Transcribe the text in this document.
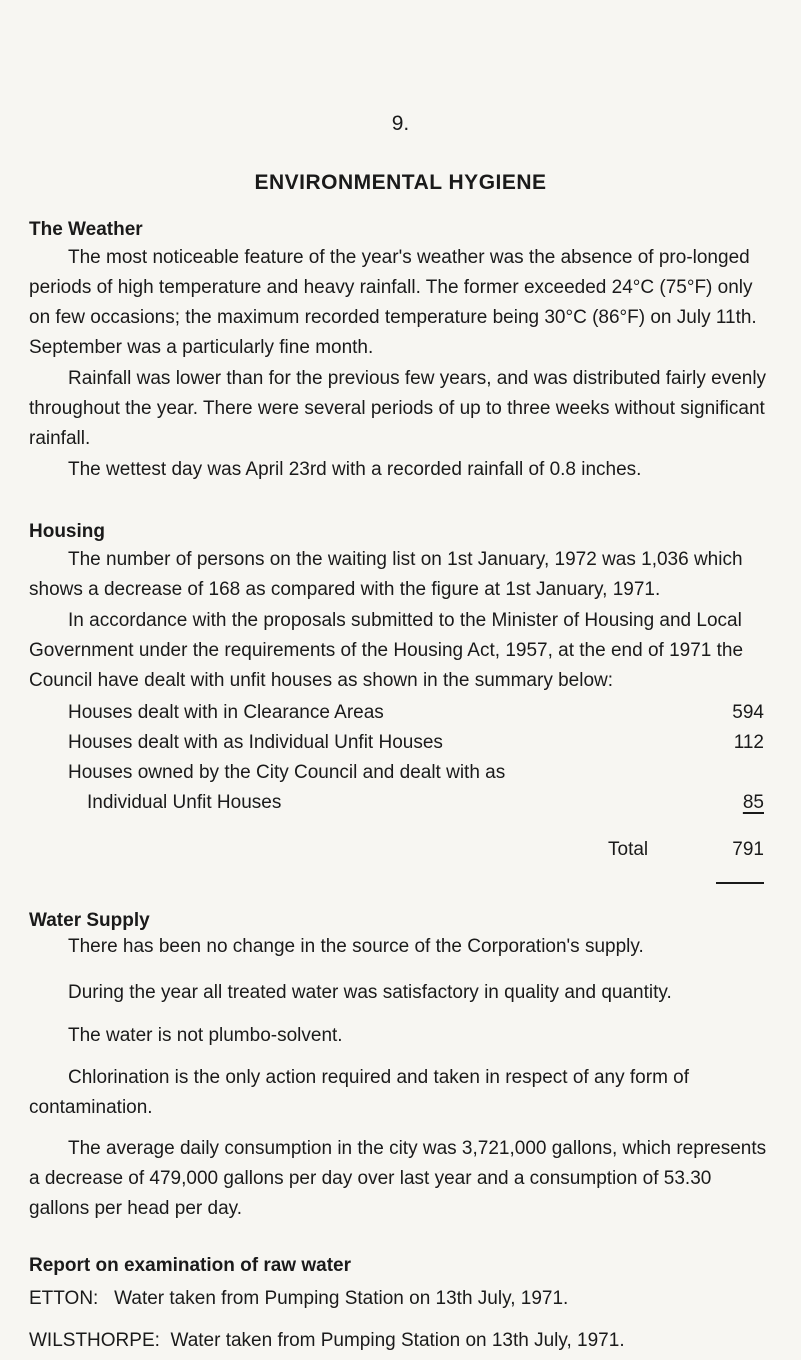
9.
ENVIRONMENTAL HYGIENE
The Weather

The most noticeable feature of the year's weather was the absence of pro-longed periods of high temperature and heavy rainfall. The former exceeded 24°C (75°F) only on few occasions; the maximum recorded temperature being 30°C (86°F) on July 11th. September was a particularly fine month.

Rainfall was lower than for the previous few years, and was distributed fairly evenly throughout the year. There were several periods of up to three weeks without significant rainfall.

The wettest day was April 23rd with a recorded rainfall of 0.8 inches.

Housing

The number of persons on the waiting list on 1st January, 1972 was 1,036 which shows a decrease of 168 as compared with the figure at 1st January, 1971.

In accordance with the proposals submitted to the Minister of Housing and Local Government under the requirements of the Housing Act, 1957, at the end of 1971 the Council have dealt with unfit houses as shown in the summary below:

Houses dealt with in Clearance Areas	594
Houses dealt with as Individual Unfit Houses	112
Houses owned by the City Council and dealt with as
Individual Unfit Houses	85
Total	791
Water Supply
There has been no change in the source of the Corporation's supply.
During the year all treated water was satisfactory in quality and quantity.
The water is not plumbo-solvent.

Chlorination is the only action required and taken in respect of any form of contamination.

The average daily consumption in the city was 3,721,000 gallons, which represents a decrease of 479,000 gallons per day over last year and a consumption of 53.30 gallons per head per day.

Report on examination of raw water
ETTON:   Water taken from Pumping Station on 13th July, 1971.
WILSTHORPE:  Water taken from Pumping Station on 13th July, 1971.
